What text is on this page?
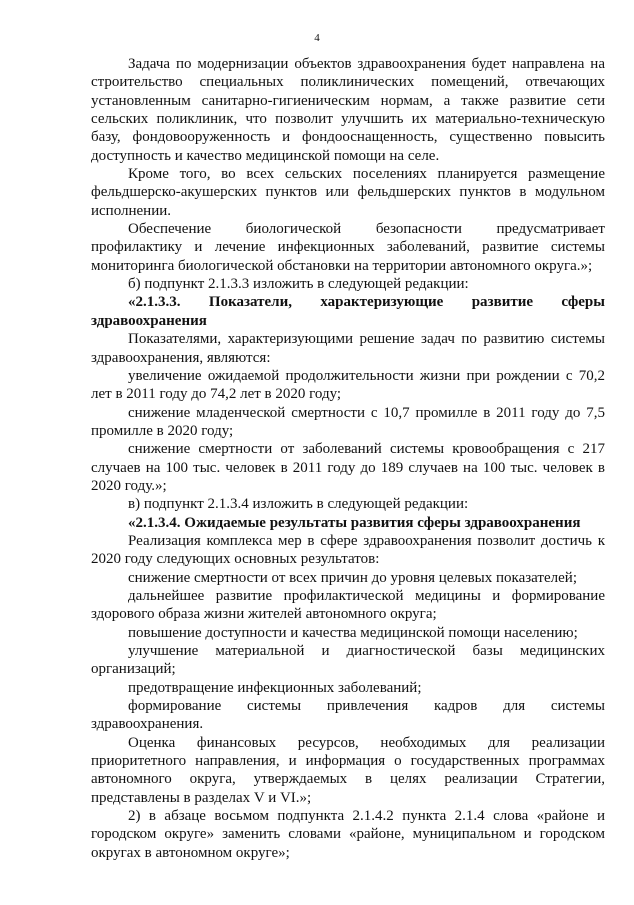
4

Задача по модернизации объектов здравоохранения будет направлена на строительство специальных поликлинических помещений, отвечающих установленным санитарно-гигиеническим нормам, а также развитие сети сельских поликлиник, что позволит улучшить их материально-техническую базу, фондовооруженность и фондооснащенность, существенно повысить доступность и качество медицинской помощи на селе.

Кроме того, во всех сельских поселениях планируется размещение фельдшерско-акушерских пунктов или фельдшерских пунктов в модульном исполнении.

Обеспечение биологической безопасности предусматривает профилактику и лечение инфекционных заболеваний, развитие системы мониторинга биологической обстановки на территории автономного округа.»;

б) подпункт 2.1.3.3 изложить в следующей редакции:

«2.1.3.3. Показатели, характеризующие развитие сферы

здравоохранения

Показателями, характеризующими решение задач по развитию системы здравоохранения, являются:

увеличение ожидаемой продолжительности жизни при рождении с 70,2 лет в 2011 году до 74,2 лет в 2020 году;

снижение младенческой смертности с 10,7 промилле в 2011 году до 7,5 промилле в 2020 году;

снижение смертности от заболеваний системы кровообращения с 217 случаев на 100 тыс. человек в 2011 году до 189 случаев на 100 тыс. человек в 2020 году.»;

в) подпункт 2.1.3.4 изложить в следующей редакции:

«2.1.3.4. Ожидаемые результаты развития сферы здравоохранения

Реализация комплекса мер в сфере здравоохранения позволит достичь к 2020 году следующих основных результатов:

снижение смертности от всех причин до уровня целевых показателей;

дальнейшее развитие профилактической медицины и формирование здорового образа жизни жителей автономного округа;

повышение доступности и качества медицинской помощи населению;

улучшение материальной и диагностической базы медицинских организаций;

предотвращение инфекционных заболеваний;

формирование системы привлечения кадров для системы здравоохранения.

Оценка финансовых ресурсов, необходимых для реализации приоритетного направления, и информация о государственных программах автономного округа, утверждаемых в целях реализации Стратегии, представлены в разделах V и VI.»;

2) в абзаце восьмом подпункта 2.1.4.2 пункта 2.1.4 слова «районе и городском округе» заменить словами «районе, муниципальном и городском округах в автономном округе»;
